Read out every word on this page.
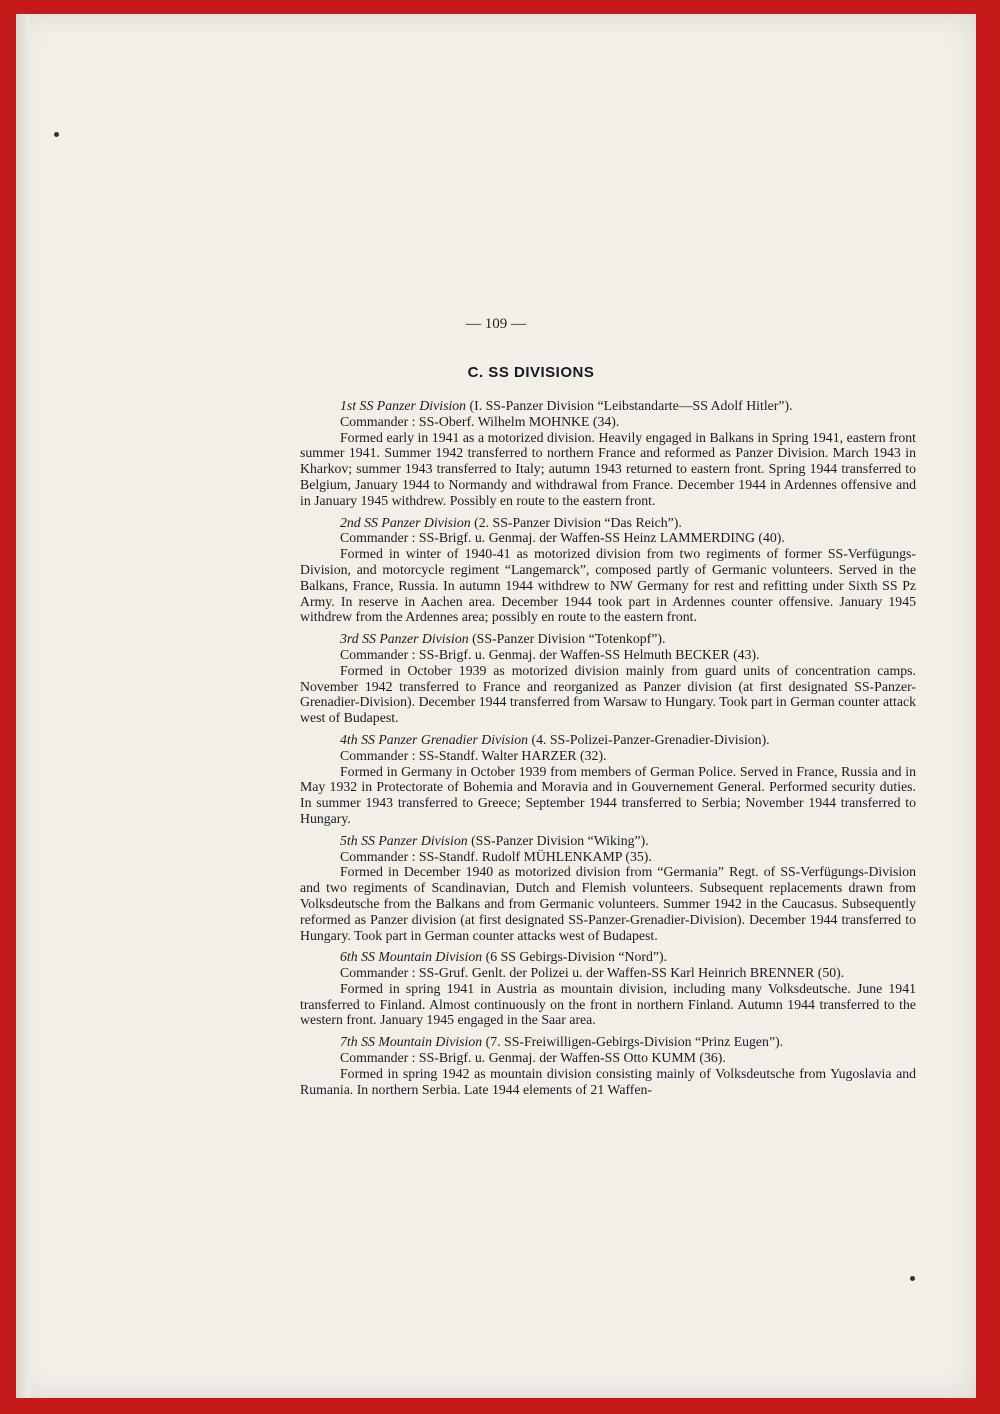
— 109 —
C. SS DIVISIONS

1st SS Panzer Division (I. SS-Panzer Division “Leibstandarte—SS Adolf Hitler”).

Commander : SS-Oberf. Wilhelm MOHNKE (34).

Formed early in 1941 as a motorized division. Heavily engaged in Balkans in Spring 1941, eastern front summer 1941. Summer 1942 transferred to northern France and reformed as Panzer Division. March 1943 in Kharkov; summer 1943 transferred to Italy; autumn 1943 returned to eastern front. Spring 1944 transferred to Belgium, January 1944 to Normandy and withdrawal from France. December 1944 in Ardennes offensive and in January 1945 withdrew. Possibly en route to the eastern front.

2nd SS Panzer Division (2. SS-Panzer Division “Das Reich”).

Commander : SS-Brigf. u. Genmaj. der Waffen-SS Heinz LAMMERDING (40).

Formed in winter of 1940-41 as motorized division from two regiments of former SS-Verfügungs-Division, and motorcycle regiment “Langemarck”, composed partly of Germanic volunteers. Served in the Balkans, France, Russia. In autumn 1944 withdrew to NW Germany for rest and refitting under Sixth SS Pz Army. In reserve in Aachen area. December 1944 took part in Ardennes counter offensive. January 1945 withdrew from the Ardennes area; possibly en route to the eastern front.

3rd SS Panzer Division (SS-Panzer Division “Totenkopf”).

Commander : SS-Brigf. u. Genmaj. der Waffen-SS Helmuth BECKER (43).

Formed in October 1939 as motorized division mainly from guard units of concentration camps. November 1942 transferred to France and reorganized as Panzer division (at first designated SS-Panzer-Grenadier-Division). December 1944 transferred from Warsaw to Hungary. Took part in German counter attack west of Budapest.

4th SS Panzer Grenadier Division (4. SS-Polizei-Panzer-Grenadier-Division).

Commander : SS-Standf. Walter HARZER (32).

Formed in Germany in October 1939 from members of German Police. Served in France, Russia and in May 1932 in Protectorate of Bohemia and Moravia and in Gouvernement General. Performed security duties. In summer 1943 transferred to Greece; September 1944 transferred to Serbia; November 1944 transferred to Hungary.

5th SS Panzer Division (SS-Panzer Division “Wiking”).

Commander : SS-Standf. Rudolf MÜHLENKAMP (35).

Formed in December 1940 as motorized division from “Germania” Regt. of SS-Verfügungs-Division and two regiments of Scandinavian, Dutch and Flemish volunteers. Subsequent replacements drawn from Volksdeutsche from the Balkans and from Germanic volunteers. Summer 1942 in the Caucasus. Subsequently reformed as Panzer division (at first designated SS-Panzer-Grenadier-Division). December 1944 transferred to Hungary. Took part in German counter attacks west of Budapest.

6th SS Mountain Division (6 SS Gebirgs-Division “Nord”).

Commander : SS-Gruf. Genlt. der Polizei u. der Waffen-SS Karl Heinrich BRENNER (50).

Formed in spring 1941 in Austria as mountain division, including many Volksdeutsche. June 1941 transferred to Finland. Almost continuously on the front in northern Finland. Autumn 1944 transferred to the western front. January 1945 engaged in the Saar area.

7th SS Mountain Division (7. SS-Freiwilligen-Gebirgs-Division “Prinz Eugen”).

Commander : SS-Brigf. u. Genmaj. der Waffen-SS Otto KUMM (36).

Formed in spring 1942 as mountain division consisting mainly of Volksdeutsche from Yugoslavia and Rumania. In northern Serbia. Late 1944 elements of 21 Waffen-
